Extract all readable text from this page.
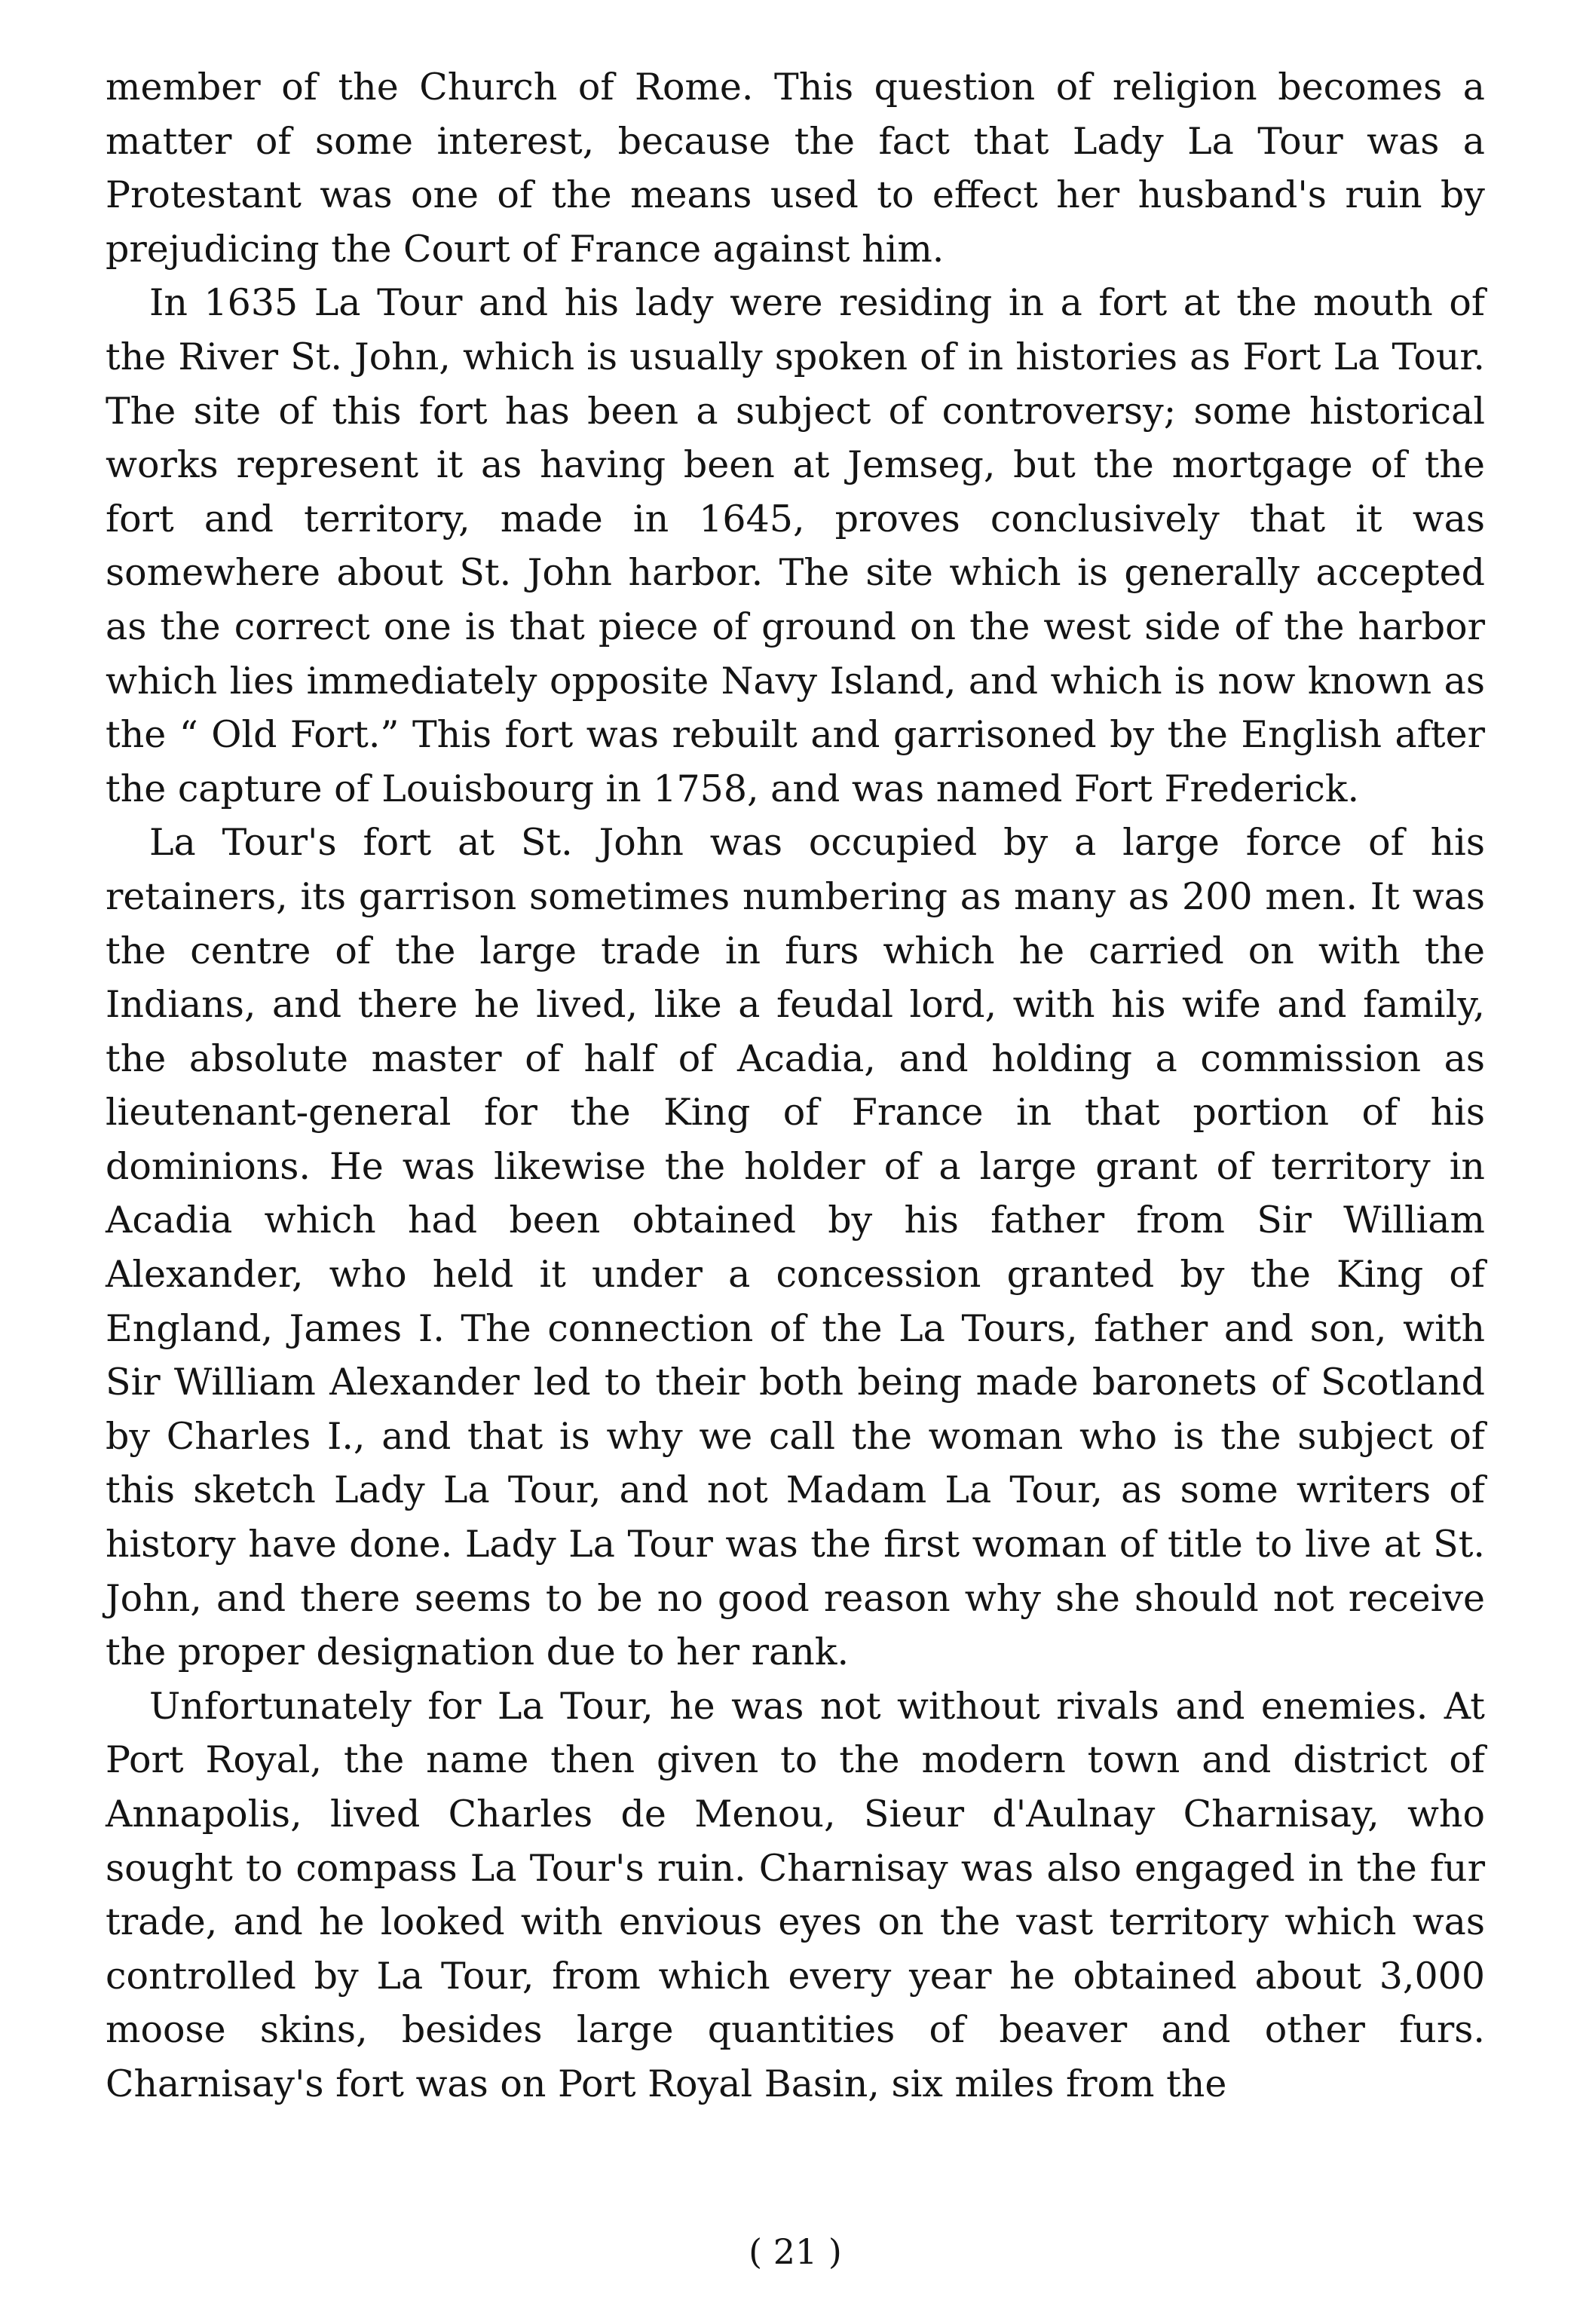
member of the Church of Rome. This question of religion becomes a matter of some interest, because the fact that Lady La Tour was a Protestant was one of the means used to effect her husband's ruin by prejudicing the Court of France against him.

In 1635 La Tour and his lady were residing in a fort at the mouth of the River St. John, which is usually spoken of in histories as Fort La Tour. The site of this fort has been a subject of controversy; some historical works represent it as having been at Jemseg, but the mortgage of the fort and territory, made in 1645, proves conclusively that it was somewhere about St. John harbor. The site which is generally accepted as the correct one is that piece of ground on the west side of the harbor which lies immediately opposite Navy Island, and which is now known as the “ Old Fort.” This fort was rebuilt and garrisoned by the English after the capture of Louisbourg in 1758, and was named Fort Frederick.

La Tour's fort at St. John was occupied by a large force of his retainers, its garrison sometimes numbering as many as 200 men. It was the centre of the large trade in furs which he carried on with the Indians, and there he lived, like a feudal lord, with his wife and family, the absolute master of half of Acadia, and holding a commission as lieutenant-general for the King of France in that portion of his dominions. He was likewise the holder of a large grant of territory in Acadia which had been obtained by his father from Sir William Alexander, who held it under a concession granted by the King of England, James I. The connection of the La Tours, father and son, with Sir William Alexander led to their both being made baronets of Scotland by Charles I., and that is why we call the woman who is the subject of this sketch Lady La Tour, and not Madam La Tour, as some writers of history have done. Lady La Tour was the first woman of title to live at St. John, and there seems to be no good reason why she should not receive the proper designation due to her rank.

Unfortunately for La Tour, he was not without rivals and enemies. At Port Royal, the name then given to the modern town and district of Annapolis, lived Charles de Menou, Sieur d'Aulnay Charnisay, who sought to compass La Tour's ruin. Charnisay was also engaged in the fur trade, and he looked with envious eyes on the vast territory which was controlled by La Tour, from which every year he obtained about 3,000 moose skins, besides large quantities of beaver and other furs. Charnisay's fort was on Port Royal Basin, six miles from the

( 21 )
